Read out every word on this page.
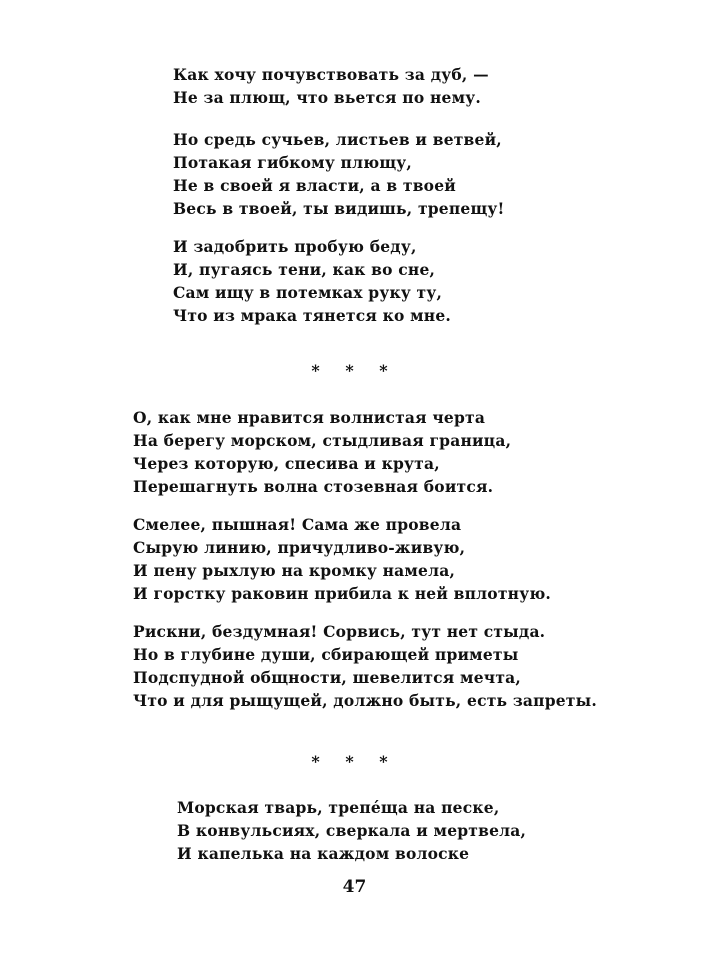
Как хочу почувствовать за дуб, —
Не за плющ, что вьется по нему.
Но средь сучьев, листьев и ветвей,
Потакая гибкому плющу,
Не в своей я власти, а в твоей
Весь в твоей, ты видишь, трепещу!
И задобрить пробую беду,
И, пугаясь тени, как во сне,
Сам ищу в потемках руку ту,
Что из мрака тянется ко мне.
* * *
О, как мне нравится волнистая черта
На берегу морском, стыдливая граница,
Через которую, спесива и крута,
Перешагнуть волна стозевная боится.
Смелее, пышная! Сама же провела
Сырую линию, причудливо-живую,
И пену рыхлую на кромку намела,
И горстку раковин прибила к ней вплотную.
Рискни, бездумная! Сорвись, тут нет стыда.
Но в глубине души, сбирающей приметы
Подспудной общности, шевелится мечта,
Что и для рыщущей, должно быть, есть запреты.
* * *
Морская тварь, трепéща на песке,
В конвульсиях, сверкала и мертвела,
И капелька на каждом волоске
47
